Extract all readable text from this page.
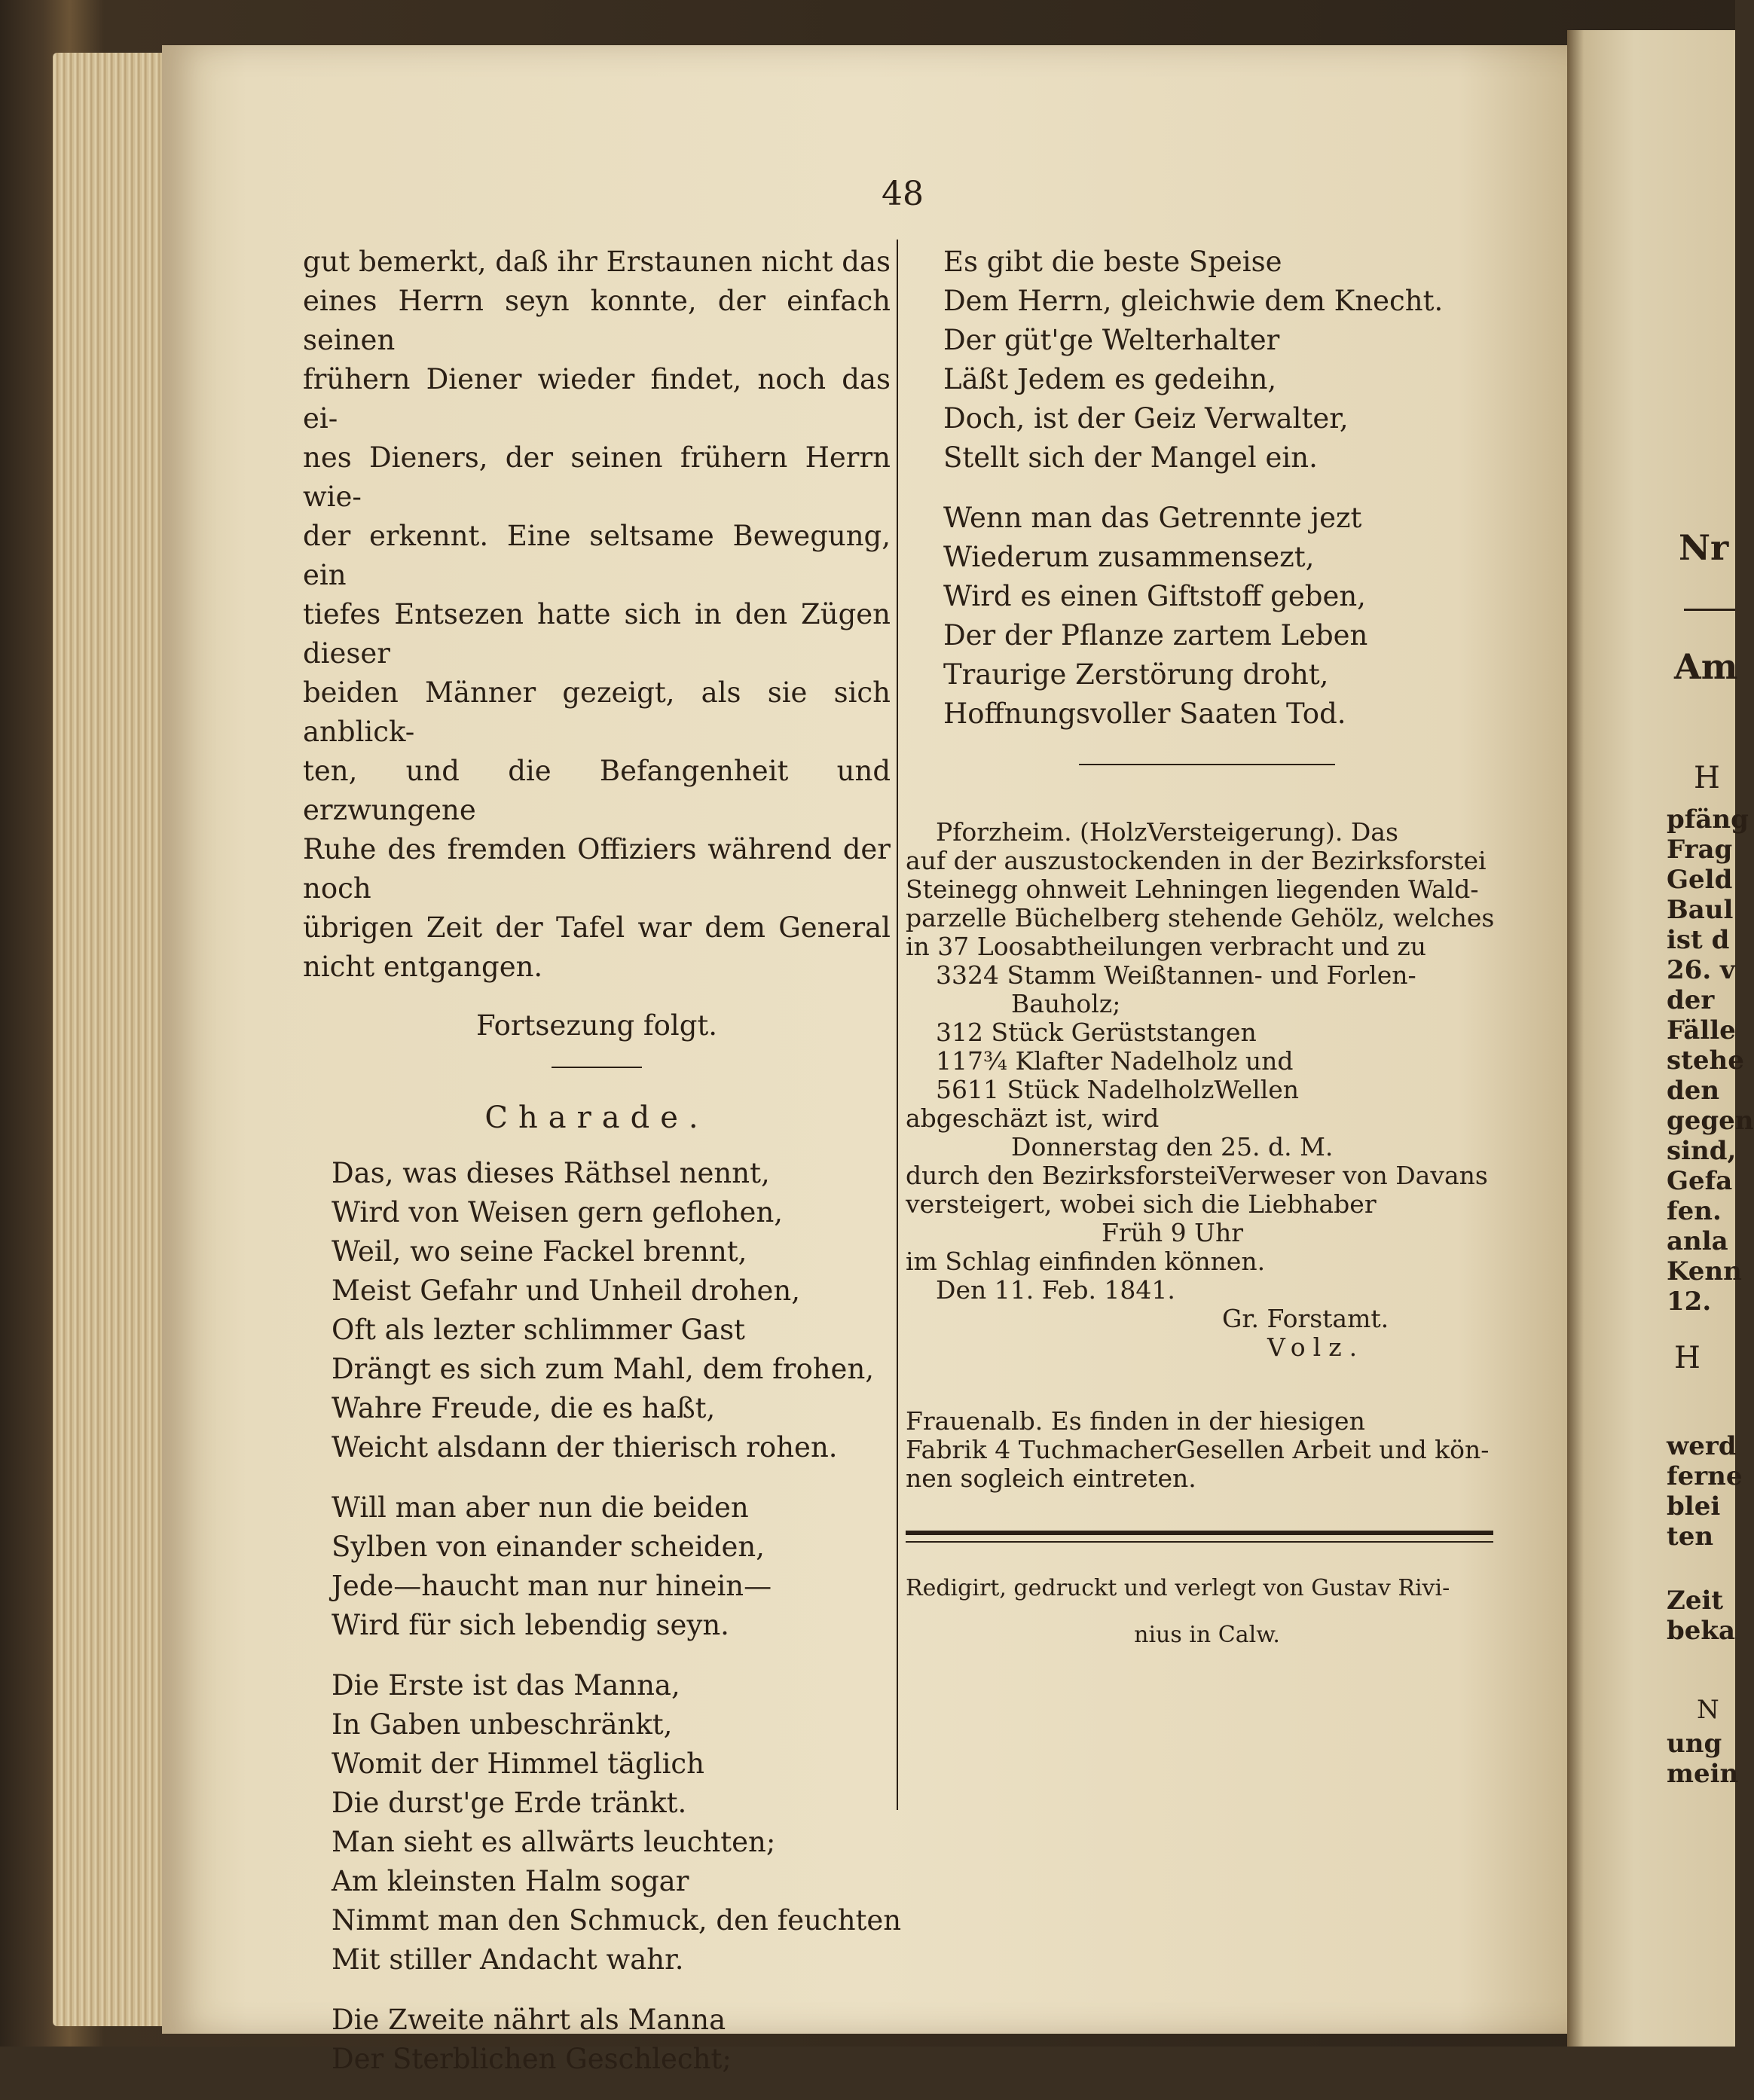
48

gut bemerkt, daß ihr Erstaunen nicht das

eines Herrn seyn konnte, der einfach seinen

frühern Diener wieder findet, noch das ei-

nes Dieners, der seinen frühern Herrn wie-

der erkennt. Eine seltsame Bewegung, ein

tiefes Entsezen hatte sich in den Zügen dieser

beiden Männer gezeigt, als sie sich anblick-

ten, und die Befangenheit und erzwungene

Ruhe des fremden Offiziers während der noch

übrigen Zeit der Tafel war dem General

nicht entgangen.

Fortsezung folgt.
Charade.
Das, was dieses Räthsel nennt,
Wird von Weisen gern geflohen,
Weil, wo seine Fackel brennt,
Meist Gefahr und Unheil drohen,
Oft als lezter schlimmer Gast
Drängt es sich zum Mahl, dem frohen,
Wahre Freude, die es haßt,
Weicht alsdann der thierisch rohen.
Will man aber nun die beiden
Sylben von einander scheiden,
Jede—haucht man nur hinein—
Wird für sich lebendig seyn.
Die Erste ist das Manna,
In Gaben unbeschränkt,
Womit der Himmel täglich
Die durst'ge Erde tränkt.
Man sieht es allwärts leuchten;
Am kleinsten Halm sogar
Nimmt man den Schmuck, den feuchten
Mit stiller Andacht wahr.
Die Zweite nährt als Manna
Der Sterblichen Geschlecht;
Es gibt die beste Speise
Dem Herrn, gleichwie dem Knecht.
Der güt'ge Welterhalter
Läßt Jedem es gedeihn,
Doch, ist der Geiz Verwalter,
Stellt sich der Mangel ein.
Wenn man das Getrennte jezt
Wiederum zusammensezt,
Wird es einen Giftstoff geben,
Der der Pflanze zartem Leben
Traurige Zerstörung droht,
Hoffnungsvoller Saaten Tod.
Pforzheim. (HolzVersteigerung). Das
auf der auszustockenden in der Bezirksforstei
Steinegg ohnweit Lehningen liegenden Wald-
parzelle Büchelberg stehende Gehölz, welches
in 37 Loosabtheilungen verbracht und zu
3324 Stamm Weißtannen- und Forlen-
Bauholz;
312 Stück Gerüststangen
117¾ Klafter Nadelholz und
5611 Stück NadelholzWellen
abgeschäzt ist, wird
Donnerstag den 25. d. M.
durch den BezirksforsteiVerweser von Davans
versteigert, wobei sich die Liebhaber
Früh 9 Uhr
im Schlag einfinden können.
Den 11. Feb. 1841.
Gr. Forstamt.
Volz.
Frauenalb. Es finden in der hiesigen
Fabrik 4 TuchmacherGesellen Arbeit und kön-
nen sogleich eintreten.
Redigirt, gedruckt und verlegt von Gustav Rivi-
nius in Calw.
Nr
Am
H
pfäng
Frag
Geld
Baul
ist d
26. v
der
Fälle
stehe
den
gegen
sind,
Gefa
fen.
anla
Kenn
12.
H
werd
ferne
blei
ten
Zeit
beka
N
ung
mein
